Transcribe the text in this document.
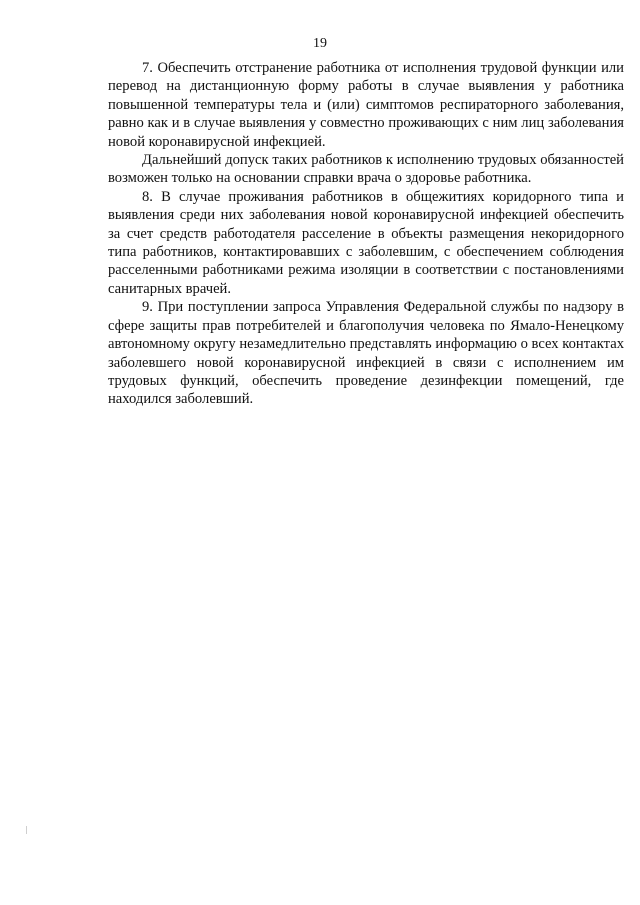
19

7. Обеспечить отстранение работника от исполнения трудовой функции или перевод на дистанционную форму работы в случае выявления у работника повышенной температуры тела и (или) симптомов респираторного заболевания, равно как и в случае выявления у совместно проживающих с ним лиц заболевания новой коронавирусной инфекцией.

Дальнейший допуск таких работников к исполнению трудовых обязанностей возможен только на основании справки врача о здоровье работника.

8. В случае проживания работников в общежитиях коридорного типа и выявления среди них заболевания новой коронавирусной инфекцией обеспечить за счет средств работодателя расселение в объекты размещения некоридорного типа работников, контактировавших с заболевшим, с обеспечением соблюдения расселенными работниками режима изоляции в соответствии с постановлениями санитарных врачей.

9. При поступлении запроса Управления Федеральной службы по надзору в сфере защиты прав потребителей и благополучия человека по Ямало-Ненецкому автономному округу незамедлительно представлять информацию о всех контактах заболевшего новой коронавирусной инфекцией в связи с исполнением им трудовых функций, обеспечить проведение дезинфекции помещений, где находился заболевший.
